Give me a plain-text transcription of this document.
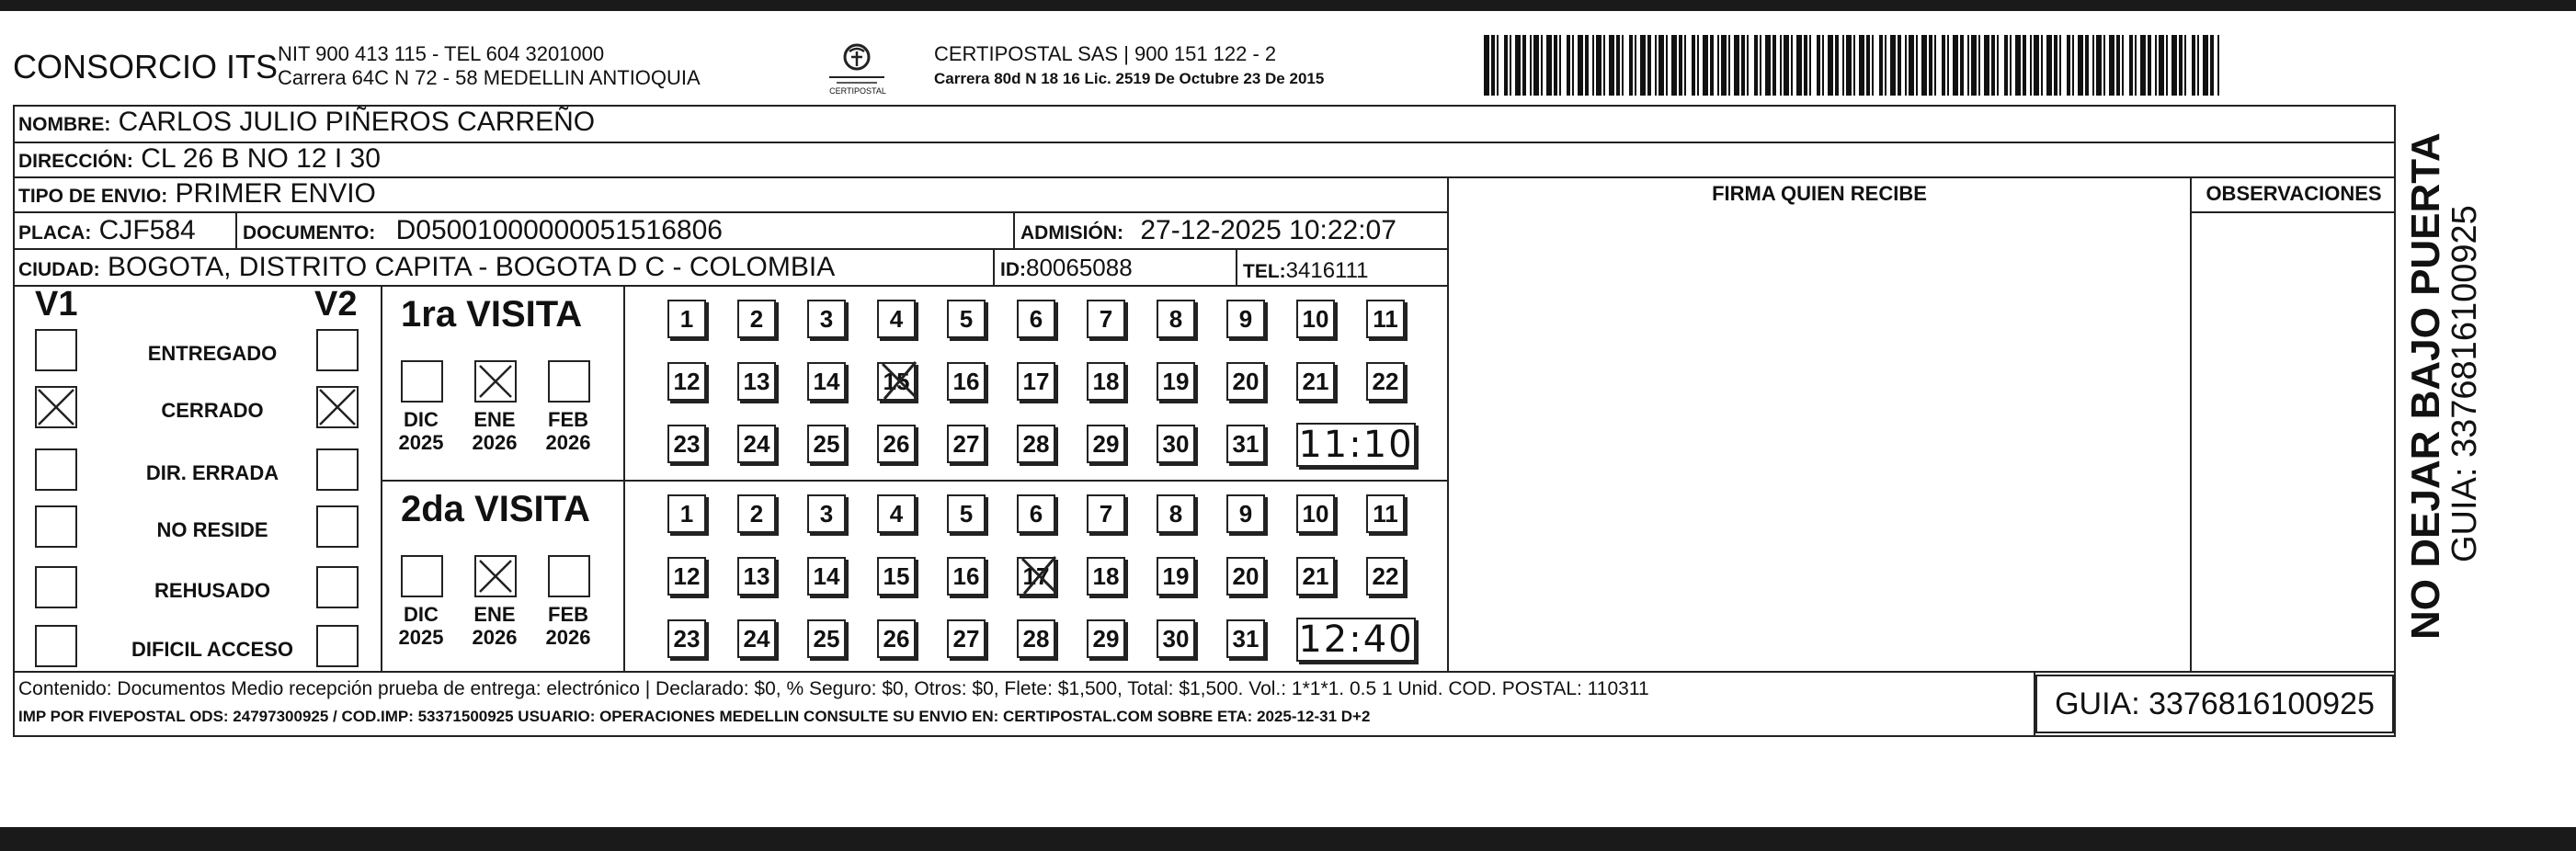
CONSORCIO ITS NIT 900 413 115 - TEL 604 3201000
Carrera 64C N 72 - 58 MEDELLIN ANTIOQUIA
CERTIPOSTAL
CERTIPOSTAL SAS | 900 151 122 - 2
Carrera 80d N 18 16 Lic. 2519 De Octubre 23 De 2015
NOMBRE: CARLOS JULIO PIÑEROS CARREÑO
DIRECCIÓN: CL 26 B NO 12 I 30
TIPO DE ENVIO: PRIMER ENVIO	FIRMA QUIEN RECIBE	OBSERVACIONES
PLACA: CJF584 DOCUMENTO: D05001000000051516806	ADMISIÓN: 27-12-2025 10:22:07
CIUDAD: BOGOTA, DISTRITO CAPITA - BOGOTA D C - COLOMBIA	ID:80065088	TEL:3416111
V1	V2
ENTREGADO
CERRADO
DIR. ERRADA
NO RESIDE
REHUSADO
DIFICIL ACCESO
1ra VISITA
DIC
2025
ENE
2026
FEB
2026
1	2	3	4	5	6	7	8	9	10 11
12 13 14 15 16 17 18 19 20 21 22
23 24 25 26 27 28 29 30 31 11:10
2da VISITA
DIC
2025
ENE
2026
FEB
2026
1	2	3	4	5	6	7	8	9	10 11
12 13 14 15 16 17 18 19 20 21 22
23 24 25 26 27 28 29 30 31 12:40
Contenido: Documentos Medio recepción prueba de entrega: electrónico | Declarado: $0, % Seguro: $0, Otros: $0, Flete: $1,500, Total: $1,500. Vol.: 1*1*1. 0.5 1 Unid. COD. POSTAL: 110311
IMP POR FIVEPOSTAL ODS: 24797300925 / COD.IMP: 53371500925 USUARIO: OPERACIONES MEDELLIN CONSULTE SU ENVIO EN: CERTIPOSTAL.COM SOBRE ETA: 2025-12-31 D+2	GUIA: 3376816100925
NO DEJAR BAJO PUERTA
GUIA: 3376816100925
